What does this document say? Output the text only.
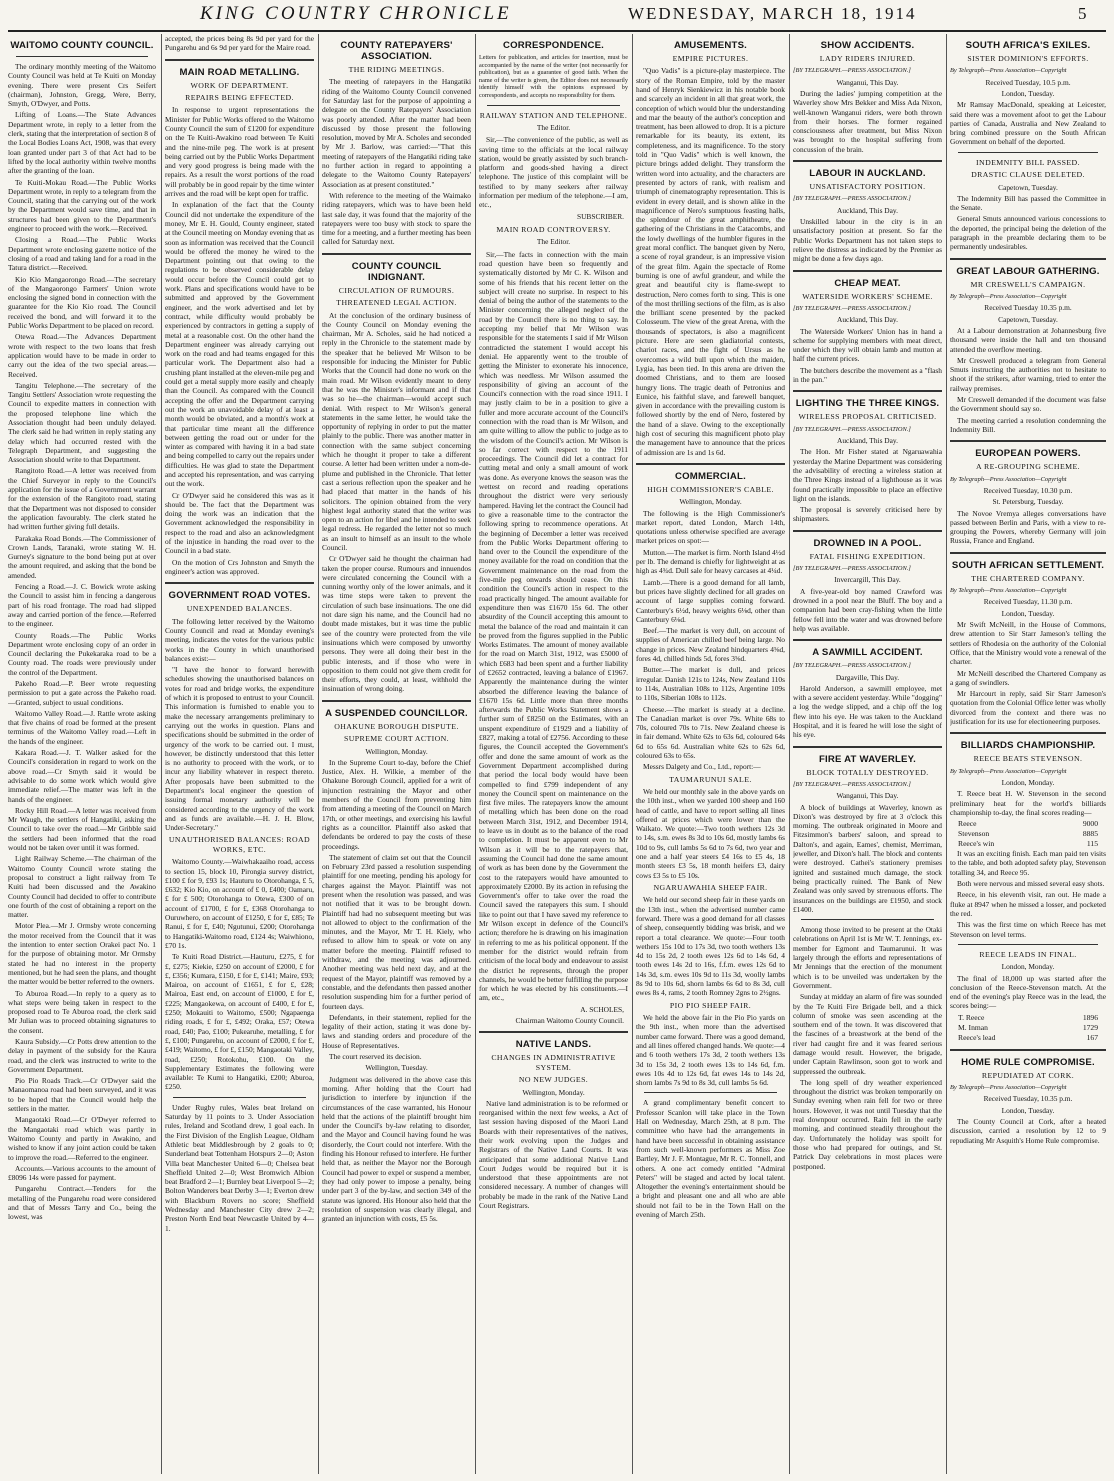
KING COUNTRY CHRONICLE	WEDNESDAY, MARCH 18, 1914	5
WAITOMO COUNTY COUNCIL.

The ordinary monthly meeting of the Waitomo County Council was held at Te Kuiti on Monday evening. There were present Crs Seifert (chairman), Johnston, Gregg, Were, Berry, Smyth, O'Dwyer, and Potts.

Lifting of Loans.—The State Advances Department wrote, in reply to a letter from the clerk, stating that the interpretation of section 8 of the Local Bodies Loans Act, 1908, was that every loan granted under part 3 of that Act had to be lifted by the local authority within twelve months after the granting of the loan.

Te Kuiti-Mokau Road.—The Public Works Department wrote, in reply to a telegram from the Council, stating that the carrying out of the work by the Department would save time, and that in structures had been given to the Department's engineer to proceed with the work.—Received.

Closing a Road.—The Public Works Department wrote enclosing gazette notice of the closing of a road and taking land for a road in the Tatura district.—Received.

Kio Kio Mangaorongo Road.—The secretary of the Mangaorongo Farmers' Union wrote enclosing the signed bond in connection with the guarantee for the Kio Kio road. The Council received the bond, and will forward it to the Public Works Department to be placed on record.

Otewa Road.—The Advances Department wrote with respect to the two loans that fresh application would have to be made in order to carry out the idea of the two special areas.—Received.

Tangitu Telephone.—The secretary of the Tangitu Settlers' Association wrote requesting the Council to expedite matters in connection with the proposed telephone line which the Association thought had been unduly delayed. The clerk said he had written in reply stating any delay which had occurred rested with the Telegraph Department, and suggesting the Association should write to that Department.

Rangitoto Road.—A letter was received from the Chief Surveyor in reply to the Council's application for the issue of a Government warrant for the extension of the Rangitoto road, stating that the Department was not disposed to consider the application favourably. The clerk stated he had written further giving full details.

Parakaka Road Bonds.—The Commissioner of Crown Lands, Taranaki, wrote stating W. H. Gurney's signature to the bond being put at over the amount required, and asking that the bond be amended.

Fencing a Road.—J. C. Bowick wrote asking the Council to assist him in fencing a dangerous part of his road frontage. The road had slipped away and carried portion of the fence.—Referred to the engineer.

County Roads.—The Public Works Department wrote enclosing copy of an order in Council declaring the Pukekaraka road to be a County road. The roads were previously under the control of the Department.

Pakeho Road.—P. Beer wrote requesting permission to put a gate across the Pakeho road.—Granted, subject to usual conditions.

Waitomo Valley Road.—J. Rattle wrote asking that five chains of road be formed at the present terminus of the Waitomo Valley road.—Left in the hands of the engineer.

Kakara Road.—J. T. Walker asked for the Council's consideration in regard to work on the above road.—Cr Smyth said it would be advisable to do some work which would give immediate relief.—The matter was left in the hands of the engineer.

Rocky Hill Road.—A letter was received from Mr Waugh, the settlers of Hangatiki, asking the Council to take over the road.—Mr Gribble said the settlers had been informed that the road would not be taken over until it was formed.

Light Railway Scheme.—The chairman of the Waitomo County Council wrote stating the proposal to construct a light railway from Te Kuiti had been discussed and the Awakino County Council had decided to offer to contribute one fourth of the cost of obtaining a report on the matter.

Motor Plea.—Mr J. Ormsby wrote concerning the motor received from the Council that it was the intention to enter section Orakei pact No. 1 for the purpose of obtaining motor. Mr Ormsby stated he had no interest in the property mentioned, but he had seen the plans, and thought the matter would be better referred to the owners.

To Aburoa Road.—In reply to a query as to what steps were being taken in respect to the proposed road to Te Aburoa road, the clerk said Mr Julian was to proceed obtaining signatures to the consent.

Kaura Subsidy.—Cr Potts drew attention to the delay in payment of the subsidy for the Kaura road, and the clerk was instructed to write to the Government Department.

Pio Pio Roads Track.—Cr O'Dwyer said the Manaomanoa road had been surveyed, and it was to be hoped that the Council would help the settlers in the matter.

Mangaotaki Road.—Cr O'Dwyer referred to the Mangaotaki road which was partly in Waitomo County and partly in Awakino, and wished to know if any joint action could be taken to improve the road.—Referred to the engineer.

Accounts.—Various accounts to the amount of £8096 14s were passed for payment.

Pungarehu Contract.—Tenders for the metalling of the Pungarehu road were considered and that of Messrs Tarry and Co., being the lowest, was

accepted, the prices being 8s 9d per yard for the Pungarehu and 6s 9d per yard for the Maire road.

MAIN ROAD METALLING.
WORK OF DEPARTMENT.
REPAIRS BEING EFFECTED.

In response to urgent representations the Minister for Public Works offered to the Waitomo County Council the sum of £1200 for expenditure on the Te Kuiti-Awakino road between Te Kuiti and the nine-mile peg. The work is at present being carried out by the Public Works Department and very good progress is being made with the repairs. As a result the worst portions of the road will probably be in good repair by the time winter arrives and the road will be kept open for traffic.

In explanation of the fact that the County Council did not undertake the expenditure of the money, Mr E. H. Gould, County engineer, stated at the Council meeting on Monday evening that as soon as information was received that the Council would be offered the money he wired to the Department pointing out that owing to the regulations to be observed considerable delay would occur before the Council could get to work. Plans and specifications would have to be submitted and approved by the Government engineer, and the work advertised and let by contract, while difficulty would probably be experienced by contractors in getting a supply of metal at a reasonable cost. On the other hand the Department engineer was already carrying out work on the road and had teams engaged for this particular work. The Department also had a crushing plant installed at the eleven-mile peg and could get a metal supply more easily and cheaply than the Council. As compared with the Council accepting the offer and the Department carrying out the work an unavoidable delay of at least a month would be obviated, and a month's work at that particular time meant all the difference between getting the road out or under for the winter as compared with having it in a bad state and being compelled to carry out the repairs under difficulties. He was glad to state the Department and accepted his representation, and was carrying out the work.

Cr O'Dwyer said he considered this was as it should be. The fact that the Department was doing the work was an indication that the Government acknowledged the responsibility in respect to the road and also an acknowledgment of the injustice in handing the road over to the Council in a bad state.

On the motion of Crs Johnston and Smyth the engineer's action was approved.

GOVERNMENT ROAD VOTES.
UNEXPENDED BALANCES.

The following letter received by the Waitomo County Council and read at Monday evening's meeting, indicates the votes for the various public works in the County in which unauthorised balances exist:—

"I have the honor to forward herewith schedules showing the unauthorised balances on votes for road and bridge works, the expenditure of which it is proposed to entrust to your Council. This information is furnished to enable you to make the necessary arrangements preliminary to carrying out the works in question. Plans and specifications should be submitted in the order of urgency of the work to be carried out. I must, however, be distinctly understood that this letter is no authority to proceed with the work, or to incur any liability whatever in respect thereto. After proposals have been submitted to the Department's local engineer the question of issuing formal monetary authority will be considered according to the urgency of the work and as funds are available.—H. J. H. Blow, Under-Secretary."

UNAUTHORISED BALANCES: ROAD WORKS, ETC.

Waitomo County.—Waiwhakaaiho road, access to section 15, block 10, Pirongia survey district, £100 £ for 9, £93 1s; Hauturu to Otorohanga, £ 5, £632; Kio Kio, on account of £ 0, £400; Oamaru, £ for £ 500; Otorohanga to Otewa, £300 of on account of £1700, £ for £, £368 Otorohanga to Ouruwhero, on account of £1250, £ for £, £85; Te Ranui, £ for £, £40; Ngutunui, £200; Otorohanga to Hangatiki-Waitomo road, £124 4s; Waiwhiono, £70 1s.

Te Kuiti Road District.—Hauturu, £275, £ for £, £275; Kiekie, £250 on account of £2000, £ for £, £356; Kumara, £150, £ for £, £141; Maire, £93; Mairoa, on account of £1651, £ for £, £28; Mairoa, East end, on account of £1000, £ for £, £225; Mangaokewa, on account of £400, £ for £, £250; Mokauiti to Waitomo, £500; Ngapaenga riding roads, £ for £, £492; Oraka, £57; Otewa road, £40; Pao, £100; Pukearuhe, metalling, £ for £, £100; Pungarehu, on account of £2000, £ for £, £419; Waitomo, £ for £, £150; Mangaotaki Valley, road, £250; Rotokohu, £100. On the Supplementary Estimates the following were available: Te Kumi to Hangatiki, £200; Aburoa, £250.

Under Rugby rules, Wales beat Ireland on Saturday by 11 points to 3. Under Association rules, Ireland and Scotland drew, 1 goal each. In the First Division of the English League, Oldham Athletic beat Middlesbrough by 2 goals to 0; Sunderland beat Tottenham Hotspurs 2—0; Aston Villa beat Manchester United 6—0; Chelsea beat Sheffield United 2—0; West Bromwich Albion beat Bradford 2—1; Burnley beat Liverpool 5—2; Bolton Wanderers beat Derby 3—1; Everton drew with Blackburn Rovers no score; Sheffield Wednesday and Manchester City drew 2—2; Preston North End beat Newcastle United by 4—1.

COUNTY RATEPAYERS' ASSOCIATION.
THE RIDING MEETINGS.

The meeting of ratepayers in the Hangatiki riding of the Waitomo County Council convened for Saturday last for the purpose of appointing a delegate on the County Ratepayers' Association was poorly attended. After the matter had been discussed by those present the following resolution, moved by Mr A. Scholes and seconded by Mr J. Barlow, was carried:—"That this meeting of ratepayers of the Hangatiki riding take no further action in regard to appointing a delegate to the Waitomo County Ratepayers' Association as at present constituted."

With reference to the meeting of the Waimako riding ratepayers, which was to have been held last sale day, it was found that the majority of the ratepayers were too busy with stock to spare the time for a meeting, and a further meeting has been called for Saturday next.

COUNTY COUNCIL INDIGNANT.
CIRCULATION OF RUMOURS.
THREATENED LEGAL ACTION.

At the conclusion of the ordinary business of the County Council on Monday evening the chairman, Mr A. Scholes, said he had noticed a reply in the Chronicle to the statement made by the speaker that he believed Mr Wilson to be responsible for inducing the Minister for Public Works that the Council had done no work on the main road. Mr Wilson evidently meant to deny that he was the Minister's informant and if that was so he—the chairman—would accept such denial. With respect to Mr Wilson's general statements in the same letter, he would take the opportunity of replying in order to put the matter plainly to the public. There was another matter in connection with the same subject concerning which he thought it proper to take a different course. A letter had been written under a nom-de-plume and published in the Chronicle. That letter cast a serious reflection upon the speaker and he had placed that matter in the hands of his solicitors. The opinion obtained from the very highest legal authority stated that the writer was open to an action for libel and he intended to seek legal redress. He regarded the letter not so much as an insult to himself as an insult to the whole Council.

Cr O'Dwyer said he thought the chairman had taken the proper course. Rumours and innuendos were circulated concerning the Council with a cunning worthy only of the lower animals, and it was time steps were taken to prevent the circulation of such base insinuations. The one did not dare sign his name, and the Council had no doubt made mistakes, but it was time the public see of the country were protected from the vile insinuations which were composed by unworthy persons. They were all doing their best in the public interests, and if those who were in opposition to them could not give them credit for their efforts, they could, at least, withhold the insinuation of wrong doing.

A SUSPENDED COUNCILLOR.
OHAKUNE BOROUGH DISPUTE.
SUPREME COURT ACTION.
Wellington, Monday.

In the Supreme Court to-day, before the Chief Justice, Alex. H. Wilkie, a member of the Ohakune Borough Council, applied for a writ of injunction restraining the Mayor and other members of the Council from preventing him from attending a meeting of the Council on March 17th, or other meetings, and exercising his lawful rights as a councillor. Plaintiff also asked that defendants be ordered to pay the costs of these proceedings.

The statement of claim set out that the Council on February 23rd passed a resolution suspending plaintiff for one meeting, pending his apology for charges against the Mayor. Plaintiff was not present when the resolution was passed, and was not notified that it was to be brought down. Plaintiff had had no subsequent meeting but was not allowed to object to the confirmation of the minutes, and the Mayor, Mr T. H. Kiely, who refused to allow him to speak or vote on any matter before the meeting. Plaintiff refused to withdraw, and the meeting was adjourned. Another meeting was held next day, and at the request of the Mayor, plaintiff was removed by a constable, and the defendants then passed another resolution suspending him for a further period of fourteen days.

Defendants, in their statement, replied for the legality of their action, stating it was done by-laws and standing orders and procedure of the House of Representatives.

The court reserved its decision.

Wellington, Tuesday.

Judgment was delivered in the above case this morning. After holding that the Court had jurisdiction to interfere by injunction if the circumstances of the case warranted, his Honour held that the actions of the plaintiff brought him under the Council's by-law relating to disorder, and the Mayor and Council having found he was disorderly, the Court could not interfere. With the finding his Honour refused to interfere. He further held that, as neither the Mayor nor the Borough Council had power to expel or suspend a member, they had only power to impose a penalty, being under part 3 of the by-law, and section 349 of the statute was ignored. His Honour also held that the resolution of suspension was clearly illegal, and granted an injunction with costs, £5 5s.

CORRESPONDENCE.

Letters for publication, and articles for insertion, must be accompanied by the name of the writer (not necessarily for publication), but as a guarantee of good faith. When the name of the writer is given, the Editor does not necessarily identify himself with the opinions expressed by correspondents, and accepts no responsibility for them.

RAILWAY STATION AND TELEPHONE.
The Editor.

Sir,—The convenience of the public, as well as saving time to the officials at the local railway station, would be greatly assisted by such branch-platform and goods-shed having a direct telephone. The justice of this complaint will be testified to by many seekers after railway information per medium of the telephone.—I am, etc.,

SUBSCRIBER.
MAIN ROAD CONTROVERSY.
The Editor.

Sir,—The facts in connection with the main road question have been so frequently and systematically distorted by Mr C. K. Wilson and some of his friends that his recent letter on the subject will create no surprise. In respect to his denial of being the author of the statements to the Minister concerning the alleged neglect of the road by the Council there is no thing to say. In accepting my belief that Mr Wilson was responsible for the statements I said if Mr Wilson contradicted the statement I would accept his denial. He apparently went to the trouble of getting the Minister to exonerate his innocence, which was needless. Mr Wilson assumed the responsibility of giving an account of the Council's connection with the road since 1911. I may justly claim to be in a position to give a fuller and more accurate account of the Council's connection with the road than is Mr Wilson, and am quite willing to allow the public to judge as to the wisdom of the Council's action. Mr Wilson is so far correct with respect to the 1911 proceedings. The Council did let a contract for cutting metal and only a small amount of work was done. As everyone knows the season was the wettest on record and reading operations throughout the district were very seriously hampered. Having let the contract the Council had to give a reasonable time to the contractor the following spring to recommence operations. At the beginning of December a letter was received from the Public Works Department offering to hand over to the Council the expenditure of the money available for the road on condition that the Government maintenance on the road from the five-mile peg onwards should cease. On this condition the Council's action in respect to the road practically hinged. The amount available for expenditure then was £1670 15s 6d. The other absurdity of the Council accepting this amount to metal the balance of the road and maintain it can be proved from the figures supplied in the Public Works Estimates. The amount of money available for the road on March 31st, 1912, was £5000 of which £683 had been spent and a further liability of £2652 contracted, leaving a balance of £1967. Apparently the maintenance during the winter absorbed the difference leaving the balance of £1670 15s 6d. Little more than three months afterwards the Public Works Statement shows a further sum of £8250 on the Estimates, with an unspent expenditure of £1929 and a liability of £827, making a total of £2756. According to these figures, the Council accepted the Government's offer and done the same amount of work as the Government Department accomplished during that period the local body would have been compelled to find £799 independent of any money the Council spent on maintenance on the first five miles. The ratepayers know the amount of metalling which has been done on the road between March 31st, 1912, and December 1914, to leave us in doubt as to the balance of the road to completion. It must be apparent even to Mr Wilson as it will be to the ratepayers that, assuming the Council had done the same amount of work as has been done by the Government the cost to the ratepayers would have amounted to approximately £2000. By its action in refusing the Government's offer to take over the road the Council saved the ratepayers this sum. I should like to point out that I have saved my reference to Mr Wilson except in defence of the Council's action; therefore he is drawing on his imagination in referring to me as his political opponent. If the member for the district would refrain from criticism of the local body and endeavour to assist the district he represents, through the proper channels, he would be better fulfilling the purpose for which he was elected by his constituents.—I am, etc.,

A. SCHOLES,
Chairman Waitomo County Council.
NATIVE LANDS.
CHANGES IN ADMINISTRATIVE SYSTEM.
NO NEW JUDGES.
Wellington, Monday.

Native land administration is to be reformed or reorganised within the next few weeks, a Act of last session having disposed of the Maori Land Boards with their representatives of the natives, their work evolving upon the Judges and Registrars of the Native Land Courts. It was anticipated that some additional Native Land Court Judges would be required but it is understood that these appointments are not considered necessary. A number of changes will probably be made in the rank of the Native Land Court Registrars.

AMUSEMENTS.
EMPIRE PICTURES.

"Quo Vadis" is a picture-play masterpiece. The story of the Roman Empire, told by the master hand of Henryk Sienkiewicz in his notable book and scarcely an incident in all that great work, the conception of which would blur the understanding and mar the beauty of the author's conception and treatment, has been allowed to drop. It is a picture remarkable for its beauty, its extent, its completeness, and its magnificence. To the story told in "Quo Vadis" which is well known, the picture brings added delight. They transform the written word into actuality, and the characters are presented by actors of rank, with realism and triumph of cinematography representation. This is evident in every detail, and is shown alike in the magnificence of Nero's sumptuous feasting halls, the splendour of the great amphitheatre, the gathering of the Christians in the Catacombs, and the lowly dwellings of the humbler figures in the great moral conflict. The banquet given by Nero, a scene of royal grandeur, is an impressive vision of the great film. Again the spectacle of Rome burning is one of awful grandeur, and while the great and beautiful city is flame-swept to destruction, Nero comes forth to sing. This is one of the most thrilling sections of the film, as is also the brilliant scene presented by the packed Colosseum. The view of the great Arena, with the thousands of spectators, is also a magnificent picture. Here are seen gladiatorial contests, chariot races, and the fight of Ursus as he overcomes a wild bull upon which the maiden, Lygia, has been tied. In this arena are driven the doomed Christians, and to them are loosed hungry lions. The tragic death of Petronius and Eunice, his faithful slave, and farewell banquet, given in accordance with the prevailing custom is followed shortly by the end of Nero, fostered by the hand of a slave. Owing to the exceptionally high cost of securing this magnificent photo play the management have to announce that the prices of admission are 1s and 1s 6d.

COMMERCIAL.
HIGH COMMISSIONER'S CABLE.
Wellington, Monday.

The following is the High Commissioner's market report, dated London, March 14th, quotations unless otherwise specified are average market prices on spot:—

Mutton.—The market is firm. North Island 4½d per lb. The demand is chiefly for lightweight at as high as 4¾d. Dull sale for heavy carcases at 4¼d.

Lamb.—There is a good demand for all lamb, but prices have slightly declined for all grades on account of large supplies coming forward. Canterbury's 6½d, heavy weights 6⅛d, other than Canterbury 6⅛d.

Beef.—The market is very dull, on account of supplies of American chilled beef being large. No change in prices. New Zealand hindquarters 4⅝d, fores 4d, chilled hinds 5d, fores 3⅝d.

Butter.—The market is dull, and prices irregular. Danish 121s to 124s, New Zealand 110s to 114s, Australian 108s to 112s, Argentine 109s to 110s, Siberian 108s to 112s.

Cheese.—The market is steady at a decline. The Canadian market is over 79s. White 68s to 70s, coloured 70s to 71s. New Zealand cheese is in fair demand. White 62s to 63s 6d, coloured 64s 6d to 65s 6d. Australian white 62s to 62s 6d, coloured 63s to 65s.

Messrs Dalgety and Co., Ltd., report:—

TAUMARUNUI SALE.

We held our monthly sale in the above yards on the 10th inst., when we yarded 100 sheep and 160 head of cattle, and have to report selling all lines offered at prices which were lower than the Waikato. We quote:—Two tooth wethers 12s 3d to 14s, s.m. ewes 8s 3d to 10s 6d, mostly lambs 6s 10d to 9s, cull lambs 5s 6d to 7s 6d, two year and one and a half year steers £4 16s to £5 4s, 18 month steers £3 5s, 18 month heifers £3, dairy cows £3 5s to £5 10s.

NGARUAWAHIA SHEEP FAIR.

We held our second sheep fair in these yards on the 13th inst., when the advertised number came forward. There was a good demand for all classes of sheep, consequently bidding was brisk, and we report a total clearance. We quote:—Four tooth wethers 15s 10d to 17s 3d, two tooth wethers 13s 4d to 15s 2d, 2 tooth ewes 12s 6d to 14s 6d, 4 tooth ewes 14s 2d to 16s, f.f.m. ewes 12s 6d to 14s 3d, s.m. ewes 10s 9d to 11s 3d, woolly lambs 8s 9d to 10s 6d, shorn lambs 6s 6d to 8s 3d, cull ewes 8s 4, rams, 2 tooth Romney 2gns to 2½gns.

PIO PIO SHEEP FAIR.

We held the above fair in the Pio Pio yards on the 9th inst., when more than the advertised number came forward. There was a good demand, and all lines offered changed hands. We quote:—4 and 6 tooth wethers 17s 3d, 2 tooth wethers 13s 3d to 15s 3d, 2 tooth ewes 13s to 14s 6d, f.m. ewes 10s 4d to 12s 6d, fat ewes 14s to 14s 2d, shorn lambs 7s 9d to 8s 3d, cull lambs 5s 6d.

A grand complimentary benefit concert to Professor Scanlon will take place in the Town Hall on Wednesday, March 25th, at 8 p.m. The committee who have had the arrangements in hand have been successful in obtaining assistance from such well-known performers as Miss Zoe Bartley, Mr J. F. Montague, Mr R. C. Tonnell, and others. A one act comedy entitled "Admiral Peters" will be staged and acted by local talent. Altogether the evening's entertainment should be a bright and pleasant one and all who are able should not fail to be in the Town Hall on the evening of March 25th.

SHOW ACCIDENTS.
LADY RIDERS INJURED.
[BY TELEGRAPH.—PRESS ASSOCIATION.]
Wanganui, This Day.

During the ladies' jumping competition at the Waverley show Mrs Bekker and Miss Ada Nixon, well-known Wanganui riders, were both thrown from their horses. The former regained consciousness after treatment, but Miss Nixon was brought to the hospital suffering from concussion of the brain.

LABOUR IN AUCKLAND.
UNSATISFACTORY POSITION.
[BY TELEGRAPH.—PRESS ASSOCIATION.]
Auckland, This Day.

Unskilled labour in the city is in an unsatisfactory position at present. So far the Public Works Department has not taken steps to relieve the distress as indicated by the Premier as might be done a few days ago.

CHEAP MEAT.
WATERSIDE WORKERS' SCHEME.
[BY TELEGRAPH.—PRESS ASSOCIATION.]
Auckland, This Day.

The Waterside Workers' Union has in hand a scheme for supplying members with meat direct, under which they will obtain lamb and mutton at half the current prices.

The butchers describe the movement as a "flash in the pan."

LIGHTING THE THREE KINGS.
WIRELESS PROPOSAL CRITICISED.
[BY TELEGRAPH.—PRESS ASSOCIATION.]
Auckland, This Day.

The Hon. Mr Fisher stated at Ngaruawahia yesterday the Marine Department was considering the advisability of erecting a wireless station at the Three Kings instead of a lighthouse as it was found practically impossible to place an effective light on the islands.

The proposal is severely criticised here by shipmasters.

DROWNED IN A POOL.
FATAL FISHING EXPEDITION.
[BY TELEGRAPH.—PRESS ASSOCIATION.]
Invercargill, This Day.

A five-year-old boy named Crawford was drowned in a pool near the Bluff. The boy and a companion had been cray-fishing when the little fellow fell into the water and was drowned before help was available.

A SAWMILL ACCIDENT.
[BY TELEGRAPH.—PRESS ASSOCIATION.]
Dargaville, This Day.

Harold Anderson, a sawmill employee, met with a severe accident yesterday. While "dogging" a log the wedge slipped, and a chip off the log flew into his eye. He was taken to the Auckland Hospital, and it is feared he will lose the sight of his eye.

FIRE AT WAVERLEY.
BLOCK TOTALLY DESTROYED.
[BY TELEGRAPH.—PRESS ASSOCIATION.]
Wanganui, This Day.

A block of buildings at Waverley, known as Dixon's was destroyed by fire at 3 o'clock this morning. The outbreak originated in Moore and Fitzsimmon's barbers' saloon, and spread to Dalton's, and again, Eames', chemist, Merriman, jeweller, and Dixon's hall. The block and contents were destroyed. Cathei's stationery premises ignited and sustained much damage, the stock being practically ruined. The Bank of New Zealand was only saved by strenuous efforts. The insurances on the buildings are £1950, and stock £1400.

Among those invited to be present at the Otaki celebrations on April 1st is Mr W. T. Jennings, ex-member for Egmont and Taumarunui. It was largely through the efforts and representations of Mr Jennings that the erection of the monument which is to be unveiled was undertaken by the Government.

Sunday at midday an alarm of fire was sounded by the Te Kuiti Fire Brigade bell, and a thick column of smoke was seen ascending at the southern end of the town. It was discovered that the fascines of a breastwork at the bend of the river had caught fire and it was feared serious damage would result. However, the brigade, under Captain Rawlinson, soon got to work and suppressed the outbreak.

The long spell of dry weather experienced throughout the district was broken temporarily on Sunday evening when rain fell for two or three hours. However, it was not until Tuesday that the real downpour occurred. Rain fell in the early morning, and continued steadily throughout the day. Unfortunately the holiday was spoilt for those who had prepared for outings, and St. Patrick Day celebrations in most places were postponed.

SOUTH AFRICA'S EXILES.
SISTER DOMINION'S EFFORTS.
By Telegraph—Press Association—Copyright
Received Tuesday, 10.5 p.m.
London, Tuesday.

Mr Ramsay MacDonald, speaking at Leicester, said there was a movement afoot to get the Labour parties of Canada, Australia and New Zealand to bring combined pressure on the South African Government on behalf of the deported.

INDEMNITY BILL PASSED.
DRASTIC CLAUSE DELETED.
Capetown, Tuesday.

The Indemnity Bill has passed the Committee in the Senate.

General Smuts announced various concessions to the deported, the principal being the deletion of the paragraph in the preamble declaring them to be permanently undesirables.

GREAT LABOUR GATHERING.
MR CRESWELL'S CAMPAIGN.
By Telegraph—Press Association—Copyright
Received Tuesday 10.35 p.m.
Capetown, Tuesday.

At a Labour demonstration at Johannesburg five thousand were inside the hall and ten thousand attended the overflow meeting.

Mr Creswell produced a telegram from General Smuts instructing the authorities not to hesitate to shoot if the strikers, after warning, tried to enter the railway premises.

Mr Creswell demanded if the document was false the Government should say so.

The meeting carried a resolution condemning the Indemnity Bill.

EUROPEAN POWERS.
A RE-GROUPING SCHEME.
By Telegraph—Press Association—Copyright
Received Tuesday, 10.30 p.m.
St. Petersburg, Tuesday.

The Novoe Vremya alleges conversations have passed between Berlin and Paris, with a view to re-grouping the Powers, whereby Germany will join Russia, France and England.

SOUTH AFRICAN SETTLEMENT.
THE CHARTERED COMPANY.
By Telegraph—Press Association—Copyright
Received Tuesday, 11.30 p.m.
London, Tuesday.

Mr Swift McNeill, in the House of Commons, drew attention to Sir Starr Jameson's telling the settlers of Rhodesia on the authority of the Colonial Office, that the Ministry would vote a renewal of the charter.

Mr McNeill described the Chartered Company as a gang of swindlers.

Mr Harcourt in reply, said Sir Starr Jameson's quotation from the Colonial Office letter was wholly divorced from the context and there was no justification for its use for electioneering purposes.

BILLIARDS CHAMPIONSHIP.
REECE BEATS STEVENSON.
By Telegraph—Press Association—Copyright
London, Monday.

T. Reece beat H. W. Stevenson in the second preliminary heat for the world's billiards championship to-day, the final scores reading—

Reece	9000
Stevenson	8885
Reece's win	115

It was an exciting finish. Each man paid ten visits to the table, and both adopted safety play, Stevenson totalling 34, and Reece 95.

Both were nervous and missed several easy shots.

Reece, in his eleventh visit, ran out. He made a fluke at 8947 when he missed a losser, and pocketed the red.

This was the first time on which Reece has met Stevenson on level terms.

REECE LEADS IN FINAL.
London, Monday.

The final of 18,000 up was started after the conclusion of the Reece-Stevenson match. At the end of the evening's play Reece was in the lead, the scores being:—

T. Reece	1896
M. Inman	1729
Reece's lead	167
HOME RULE COMPROMISE.
REPUDIATED AT CORK.
By Telegraph—Press Association—Copyright
Received Tuesday, 10.35 p.m.
London, Tuesday.

The County Council at Cork, after a heated discussion, carried a resolution by 12 to 9 repudiating Mr Asquith's Home Rule compromise.
